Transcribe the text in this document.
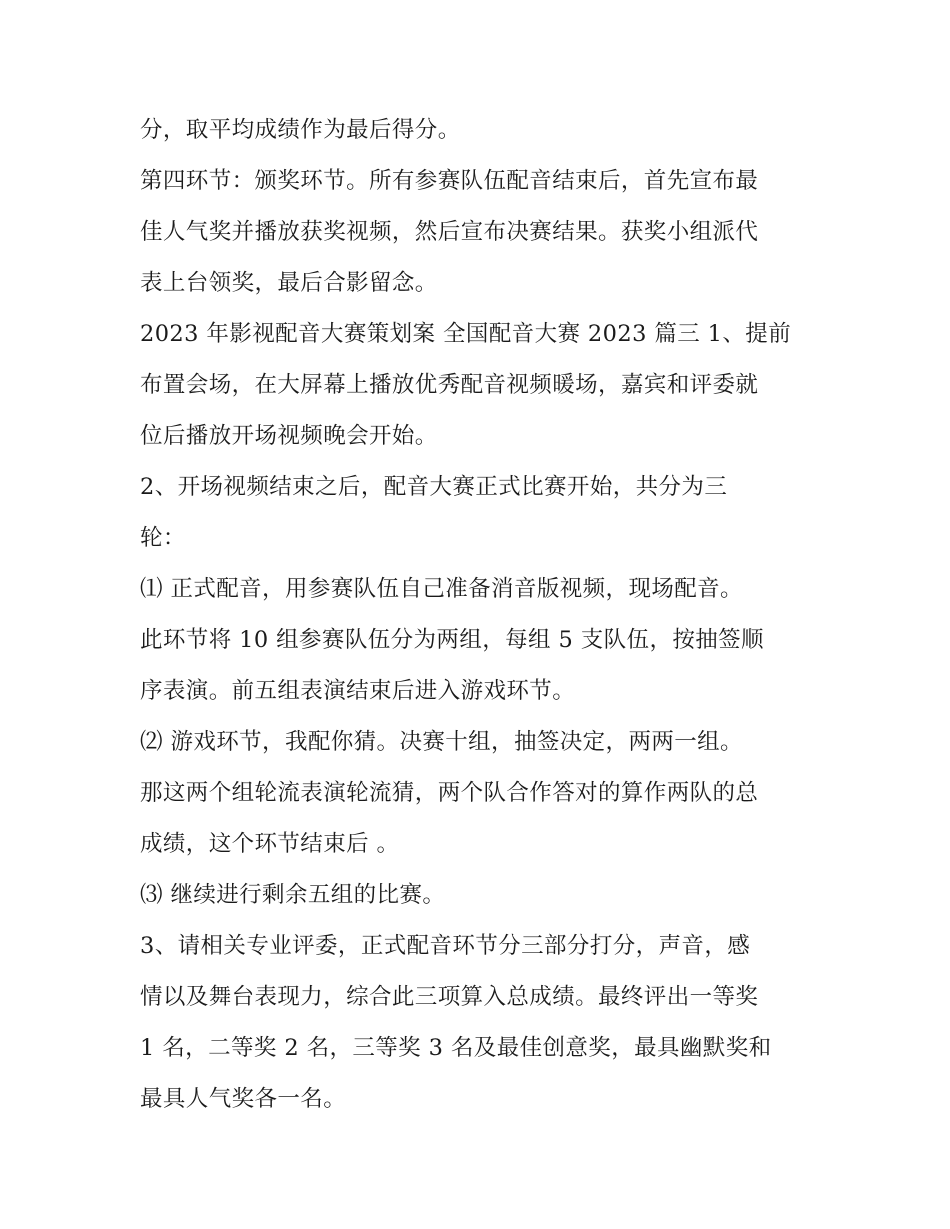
分，取平均成绩作为最后得分。
第四环节：颁奖环节。所有参赛队伍配音结束后，首先宣布最
佳人气奖并播放获奖视频，然后宣布决赛结果。获奖小组派代
表上台领奖，最后合影留念。
2023 年影视配音大赛策划案 全国配音大赛 2023 篇三 1、提前
布置会场，在大屏幕上播放优秀配音视频暖场，嘉宾和评委就
位后播放开场视频晚会开始。
2、开场视频结束之后，配音大赛正式比赛开始，共分为三
轮：
⑴ 正式配音，用参赛队伍自己准备消音版视频，现场配音。
此环节将 10 组参赛队伍分为两组，每组 5 支队伍，按抽签顺
序表演。前五组表演结束后进入游戏环节。
⑵ 游戏环节，我配你猜。决赛十组，抽签决定，两两一组。
那这两个组轮流表演轮流猜，两个队合作答对的算作两队的总
成绩，这个环节结束后 。
⑶ 继续进行剩余五组的比赛。
3、请相关专业评委，正式配音环节分三部分打分，声音，感
情以及舞台表现力，综合此三项算入总成绩。最终评出一等奖
1 名，二等奖 2 名，三等奖 3 名及最佳创意奖，最具幽默奖和
最具人气奖各一名。
